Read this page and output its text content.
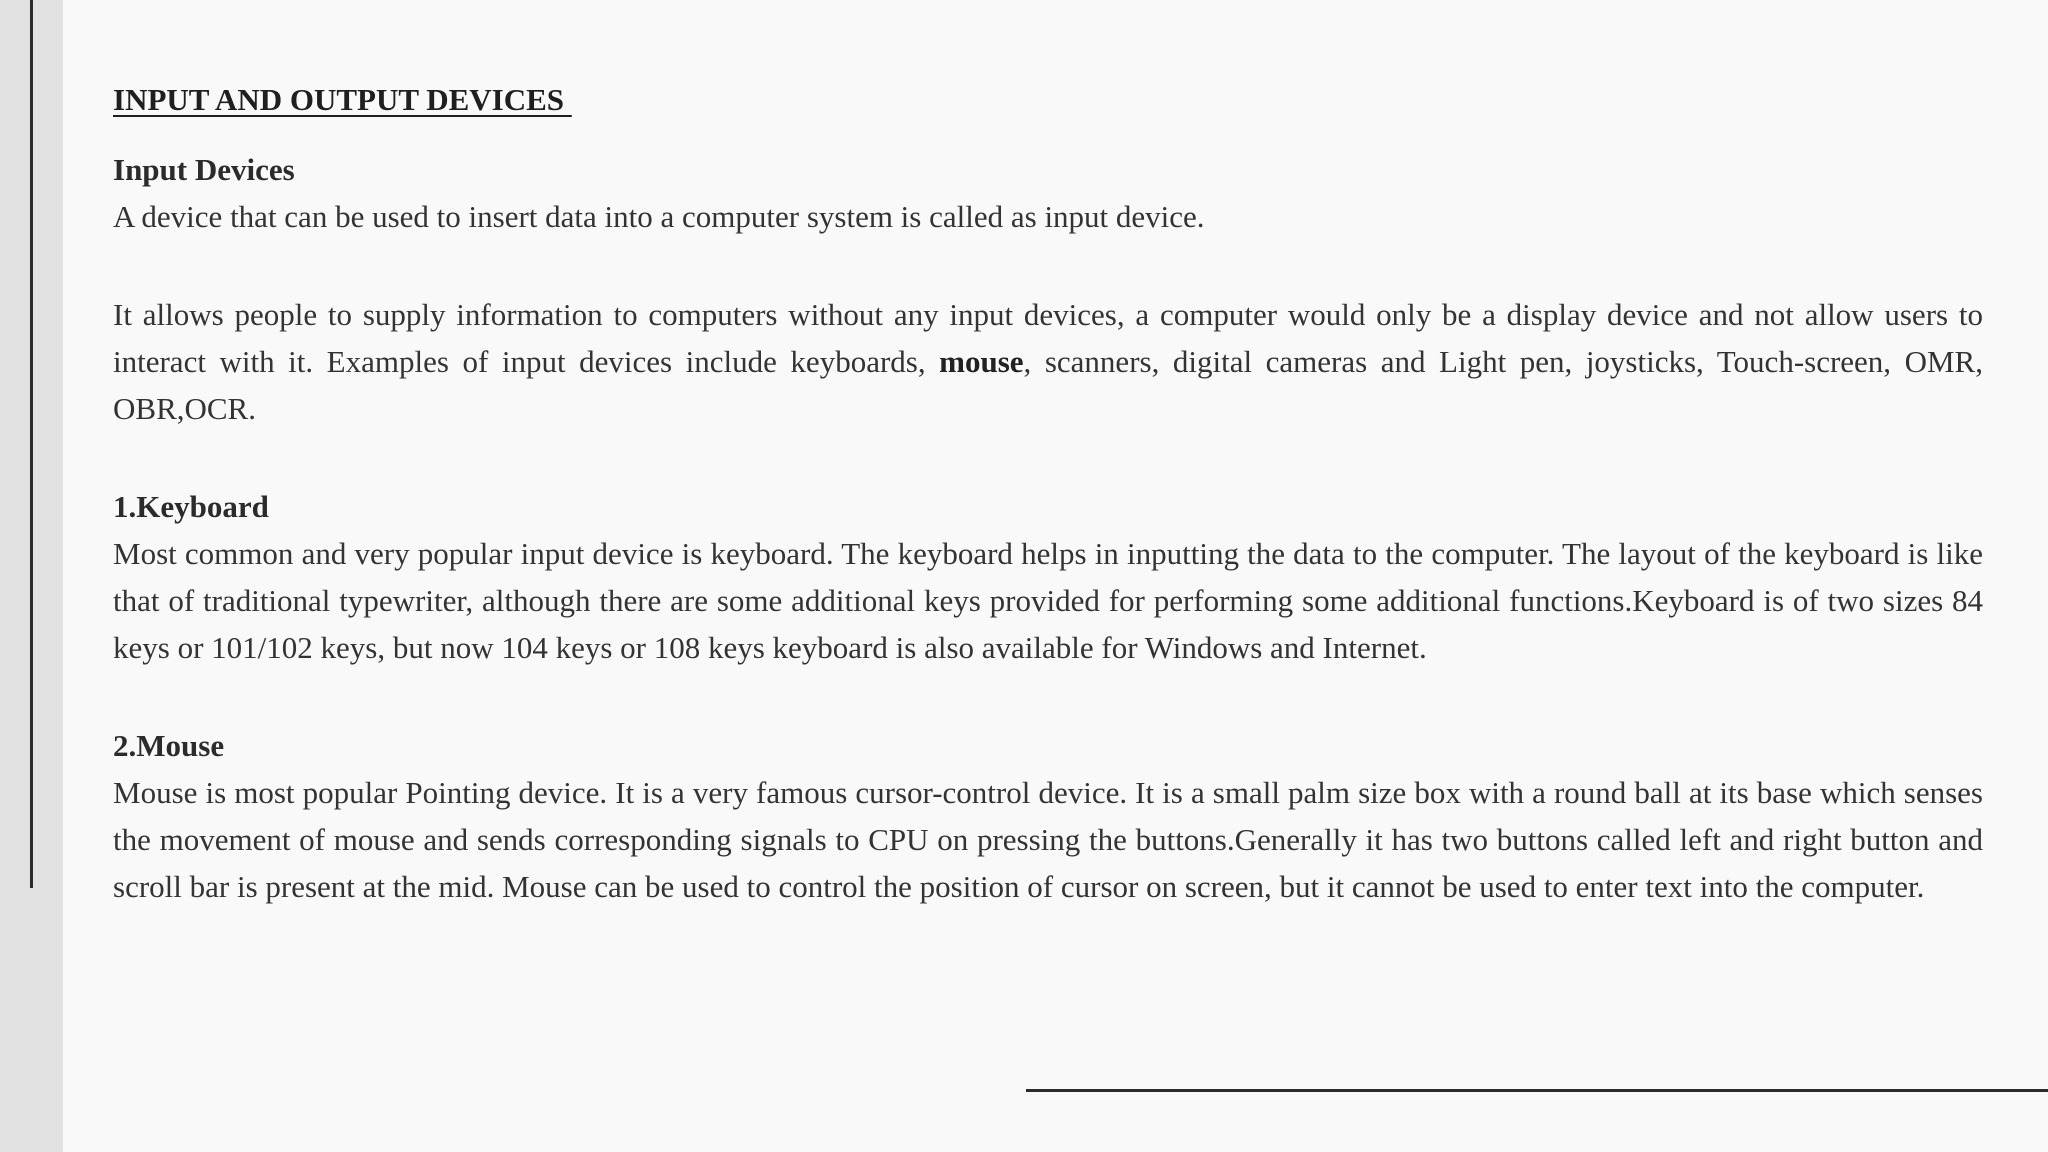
INPUT AND OUTPUT DEVICES
Input Devices

A device that can be used to insert data into a computer system is called as input device.

It allows people to supply information to computers without any input devices, a computer would only be a display device and not allow users to interact with it. Examples of input devices include keyboards, mouse, scanners, digital cameras and Light pen, joysticks, Touch-screen, OMR, OBR,OCR.

1.Keyboard

Most common and very popular input device is keyboard. The keyboard helps in inputting the data to the computer. The layout of the keyboard is like that of traditional typewriter, although there are some additional keys provided for performing some additional functions.Keyboard is of two sizes 84 keys or 101/102 keys, but now 104 keys or 108 keys keyboard is also available for Windows and Internet.

2.Mouse

Mouse is most popular Pointing device. It is a very famous cursor-control device. It is a small palm size box with a round ball at its base which senses the movement of mouse and sends corresponding signals to CPU on pressing the buttons.Generally it has two buttons called left and right button and scroll bar is present at the mid. Mouse can be used to control the position of cursor on screen, but it cannot be used to enter text into the computer.
